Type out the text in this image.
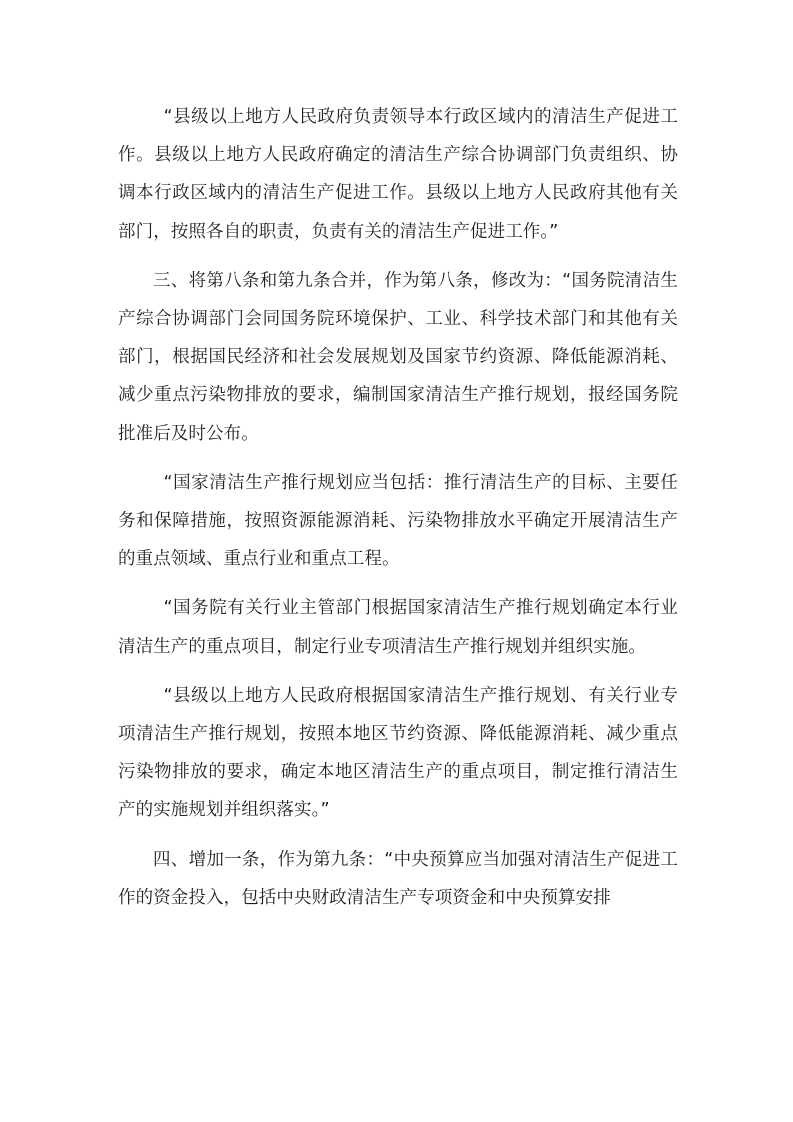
“县级以上地方人民政府负责领导本行政区域内的清洁生产促进工作。县级以上地方人民政府确定的清洁生产综合协调部门负责组织、协调本行政区域内的清洁生产促进工作。县级以上地方人民政府其他有关部门，按照各自的职责，负责有关的清洁生产促进工作。”

三、将第八条和第九条合并，作为第八条，修改为：“国务院清洁生产综合协调部门会同国务院环境保护、工业、科学技术部门和其他有关部门，根据国民经济和社会发展规划及国家节约资源、降低能源消耗、减少重点污染物排放的要求，编制国家清洁生产推行规划，报经国务院批准后及时公布。

“国家清洁生产推行规划应当包括：推行清洁生产的目标、主要任务和保障措施，按照资源能源消耗、污染物排放水平确定开展清洁生产的重点领域、重点行业和重点工程。

“国务院有关行业主管部门根据国家清洁生产推行规划确定本行业清洁生产的重点项目，制定行业专项清洁生产推行规划并组织实施。

“县级以上地方人民政府根据国家清洁生产推行规划、有关行业专项清洁生产推行规划，按照本地区节约资源、降低能源消耗、减少重点污染物排放的要求，确定本地区清洁生产的重点项目，制定推行清洁生产的实施规划并组织落实。”

四、增加一条，作为第九条：“中央预算应当加强对清洁生产促进工作的资金投入，包括中央财政清洁生产专项资金和中央预算安排
